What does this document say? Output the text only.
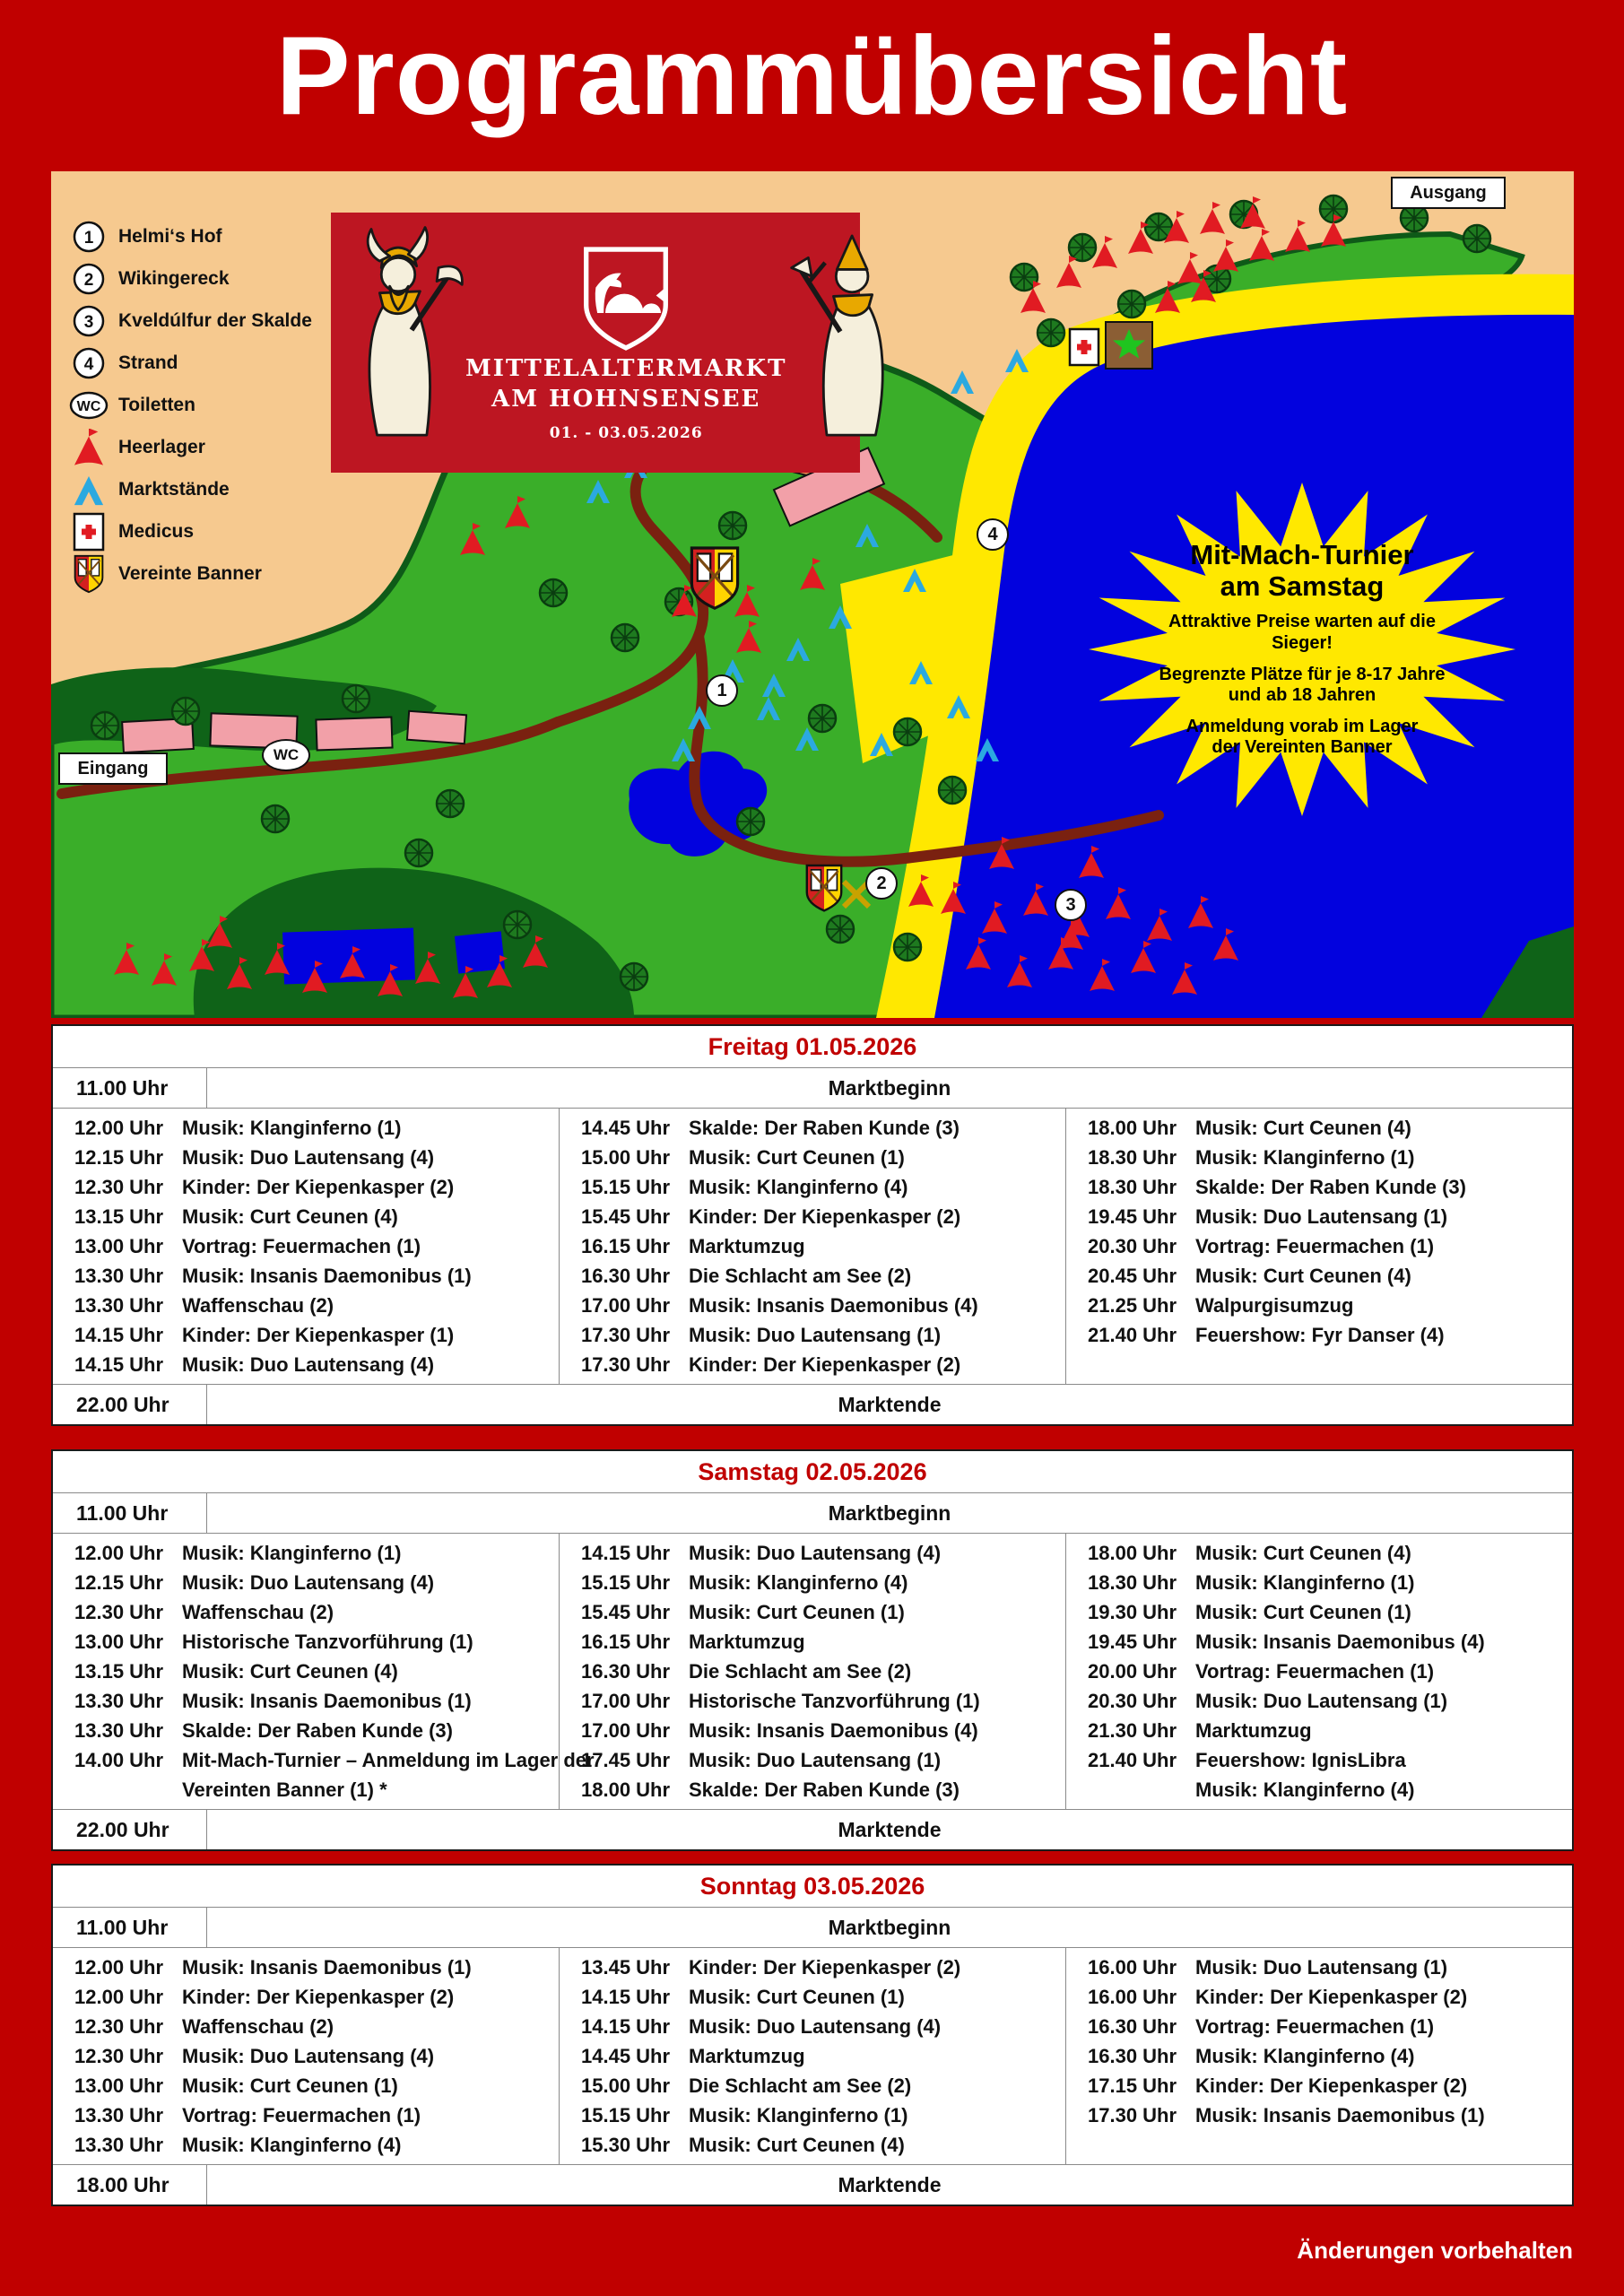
Programmübersicht
1 Helmi‘s Hof
2 Wikingereck
3 Kveldúlfur der Skalde
4 Strand
WC Toiletten
Heerlager
Marktstände
Medicus
Vereinte Banner
MITTELALTERMARKT
AM HOHNSENSEE
01. - 03.05.2026
Mit-Mach-Turnier
am Samstag
Attraktive Preise warten auf die Sieger!
Begrenzte Plätze für je 8-17 Jahre
und ab 18 Jahren
Anmeldung vorab im Lager
der Vereinten Banner
Ausgang
Eingang
WC
1
2
3
4
Freitag 01.05.2026
11.00 Uhr	Marktbeginn
12.00 Uhr Musik: Klanginferno (1)
12.15 Uhr Musik: Duo Lautensang (4)
12.30 Uhr Kinder: Der Kiepenkasper (2)
13.15 Uhr Musik: Curt Ceunen (4)
13.00 Uhr Vortrag: Feuermachen (1)
13.30 Uhr Musik: Insanis Daemonibus (1)
13.30 Uhr Waffenschau (2)
14.15 Uhr Kinder: Der Kiepenkasper (1)
14.15 Uhr Musik: Duo Lautensang (4)
14.45 Uhr Skalde: Der Raben Kunde (3)
15.00 Uhr Musik: Curt Ceunen (1)
15.15 Uhr Musik: Klanginferno (4)
15.45 Uhr Kinder: Der Kiepenkasper (2)
16.15 Uhr Marktumzug
16.30 Uhr Die Schlacht am See (2)
17.00 Uhr Musik: Insanis Daemonibus (4)
17.30 Uhr Musik: Duo Lautensang (1)
17.30 Uhr Kinder: Der Kiepenkasper (2)
18.00 Uhr Musik: Curt Ceunen (4)
18.30 Uhr Musik: Klanginferno (1)
18.30 Uhr Skalde: Der Raben Kunde (3)
19.45 Uhr Musik: Duo Lautensang (1)
20.30 Uhr Vortrag: Feuermachen (1)
20.45 Uhr Musik: Curt Ceunen (4)
21.25 Uhr Walpurgisumzug
21.40 Uhr Feuershow: Fyr Danser (4)
22.00 Uhr	Marktende
Samstag 02.05.2026
11.00 Uhr	Marktbeginn
12.00 Uhr Musik: Klanginferno (1)
12.15 Uhr Musik: Duo Lautensang (4)
12.30 Uhr Waffenschau (2)
13.00 Uhr Historische Tanzvorführung (1)
13.15 Uhr Musik: Curt Ceunen (4)
13.30 Uhr Musik: Insanis Daemonibus (1)
13.30 Uhr Skalde: Der Raben Kunde (3)
14.00 Uhr Mit-Mach-Turnier – Anmeldung im Lager der
Vereinten Banner (1) *
14.15 Uhr Musik: Duo Lautensang (4)
15.15 Uhr Musik: Klanginferno (4)
15.45 Uhr Musik: Curt Ceunen (1)
16.15 Uhr Marktumzug
16.30 Uhr Die Schlacht am See (2)
17.00 Uhr Historische Tanzvorführung (1)
17.00 Uhr Musik: Insanis Daemonibus (4)
17.45 Uhr Musik: Duo Lautensang (1)
18.00 Uhr Skalde: Der Raben Kunde (3)
18.00 Uhr Musik: Curt Ceunen (4)
18.30 Uhr Musik: Klanginferno (1)
19.30 Uhr Musik: Curt Ceunen (1)
19.45 Uhr Musik: Insanis Daemonibus (4)
20.00 Uhr Vortrag: Feuermachen (1)
20.30 Uhr Musik: Duo Lautensang (1)
21.30 Uhr Marktumzug
21.40 Uhr Feuershow: IgnisLibra
Musik: Klanginferno (4)
22.00 Uhr	Marktende
Sonntag 03.05.2026
11.00 Uhr	Marktbeginn
12.00 Uhr Musik: Insanis Daemonibus (1)
12.00 Uhr Kinder: Der Kiepenkasper (2)
12.30 Uhr Waffenschau (2)
12.30 Uhr Musik: Duo Lautensang (4)
13.00 Uhr Musik: Curt Ceunen (1)
13.30 Uhr Vortrag: Feuermachen (1)
13.30 Uhr Musik: Klanginferno (4)
13.45 Uhr Kinder: Der Kiepenkasper (2)
14.15 Uhr Musik: Curt Ceunen (1)
14.15 Uhr Musik: Duo Lautensang (4)
14.45 Uhr Marktumzug
15.00 Uhr Die Schlacht am See (2)
15.15 Uhr Musik: Klanginferno (1)
15.30 Uhr Musik: Curt Ceunen (4)
16.00 Uhr Musik: Duo Lautensang (1)
16.00 Uhr Kinder: Der Kiepenkasper (2)
16.30 Uhr Vortrag: Feuermachen (1)
16.30 Uhr Musik: Klanginferno (4)
17.15 Uhr Kinder: Der Kiepenkasper (2)
17.30 Uhr Musik: Insanis Daemonibus (1)
18.00 Uhr	Marktende
Änderungen vorbehalten
